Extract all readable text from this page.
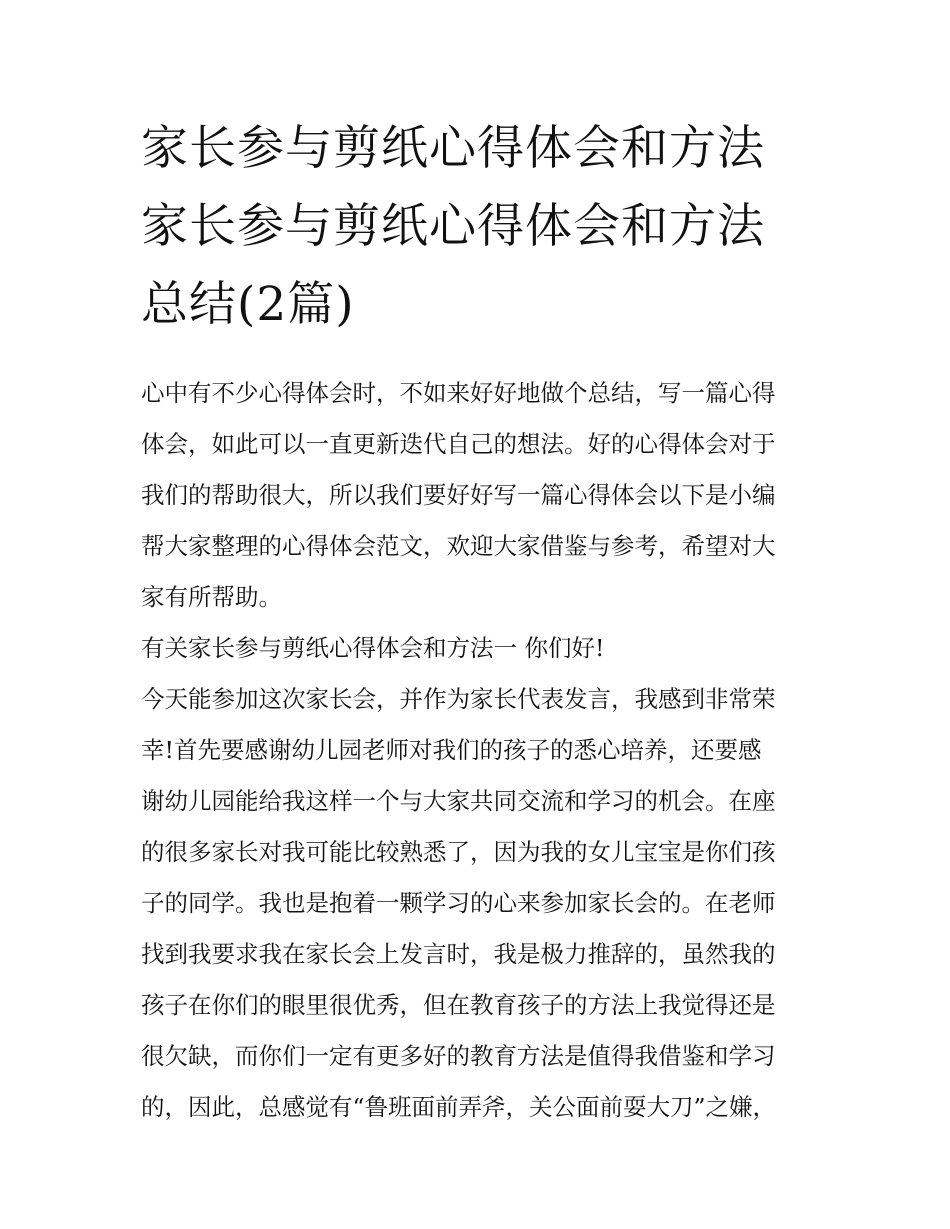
家长参与剪纸心得体会和方法
家长参与剪纸心得体会和方法
总结(2篇)

心中有不少心得体会时，不如来好好地做个总结，写一篇心得
体会，如此可以一直更新迭代自己的想法。好的心得体会对于
我们的帮助很大，所以我们要好好写一篇心得体会以下是小编
帮大家整理的心得体会范文，欢迎大家借鉴与参考，希望对大
家有所帮助。

有关家长参与剪纸心得体会和方法一 你们好!

今天能参加这次家长会，并作为家长代表发言，我感到非常荣
幸!首先要感谢幼儿园老师对我们的孩子的悉心培养，还要感
谢幼儿园能给我这样一个与大家共同交流和学习的机会。在座
的很多家长对我可能比较熟悉了，因为我的女儿宝宝是你们孩
子的同学。我也是抱着一颗学习的心来参加家长会的。在老师
找到我要求我在家长会上发言时，我是极力推辞的，虽然我的
孩子在你们的眼里很优秀，但在教育孩子的方法上我觉得还是
很欠缺，而你们一定有更多好的教育方法是值得我借鉴和学习
的，因此，总感觉有“鲁班面前弄斧，关公面前耍大刀”之嫌，
